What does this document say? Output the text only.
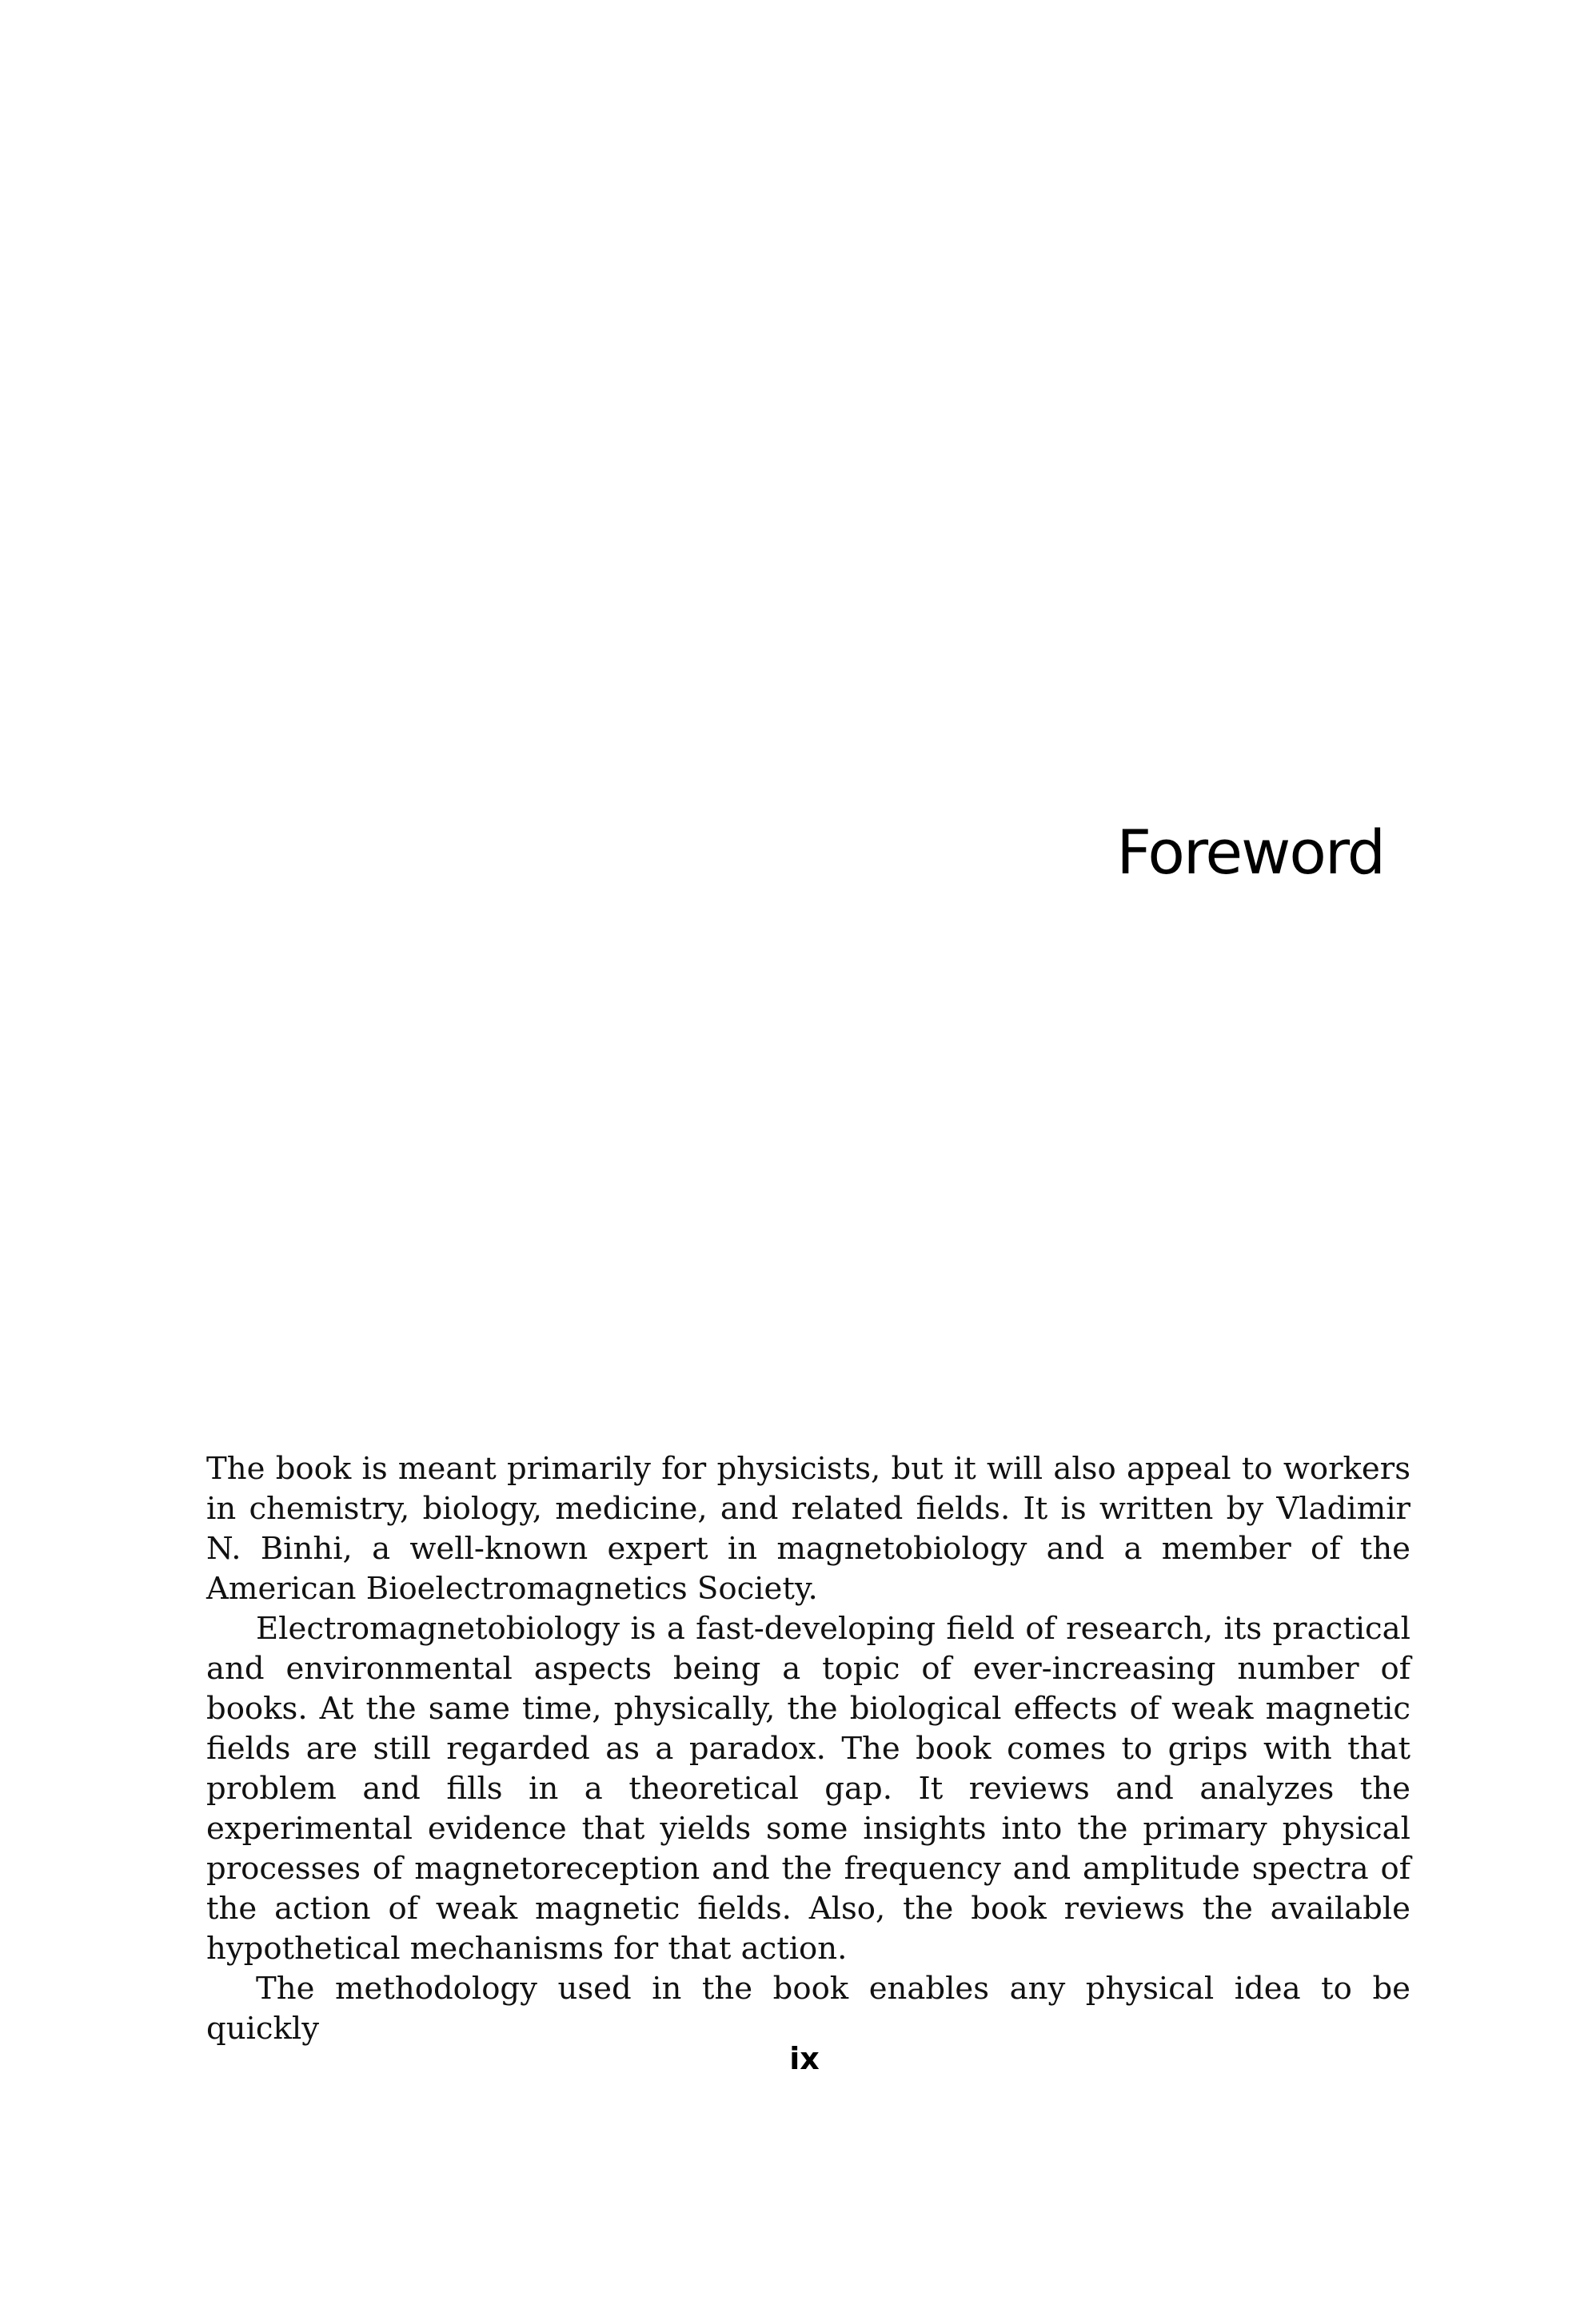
Foreword

The book is meant primarily for physicists, but it will also appeal to workers in chemistry, biology, medicine, and related fields. It is written by Vladimir N. Binhi, a well-known expert in magnetobiology and a member of the American Bioelectromagnetics Society.

Electromagnetobiology is a fast-developing field of research, its practical and environmental aspects being a topic of ever-increasing number of books. At the same time, physically, the biological effects of weak magnetic fields are still regarded as a paradox. The book comes to grips with that problem and fills in a theoretical gap. It reviews and analyzes the experimental evidence that yields some insights into the primary physical processes of magnetoreception and the frequency and amplitude spectra of the action of weak magnetic fields. Also, the book reviews the available hypothetical mechanisms for that action.

The methodology used in the book enables any physical idea to be quickly

ix
